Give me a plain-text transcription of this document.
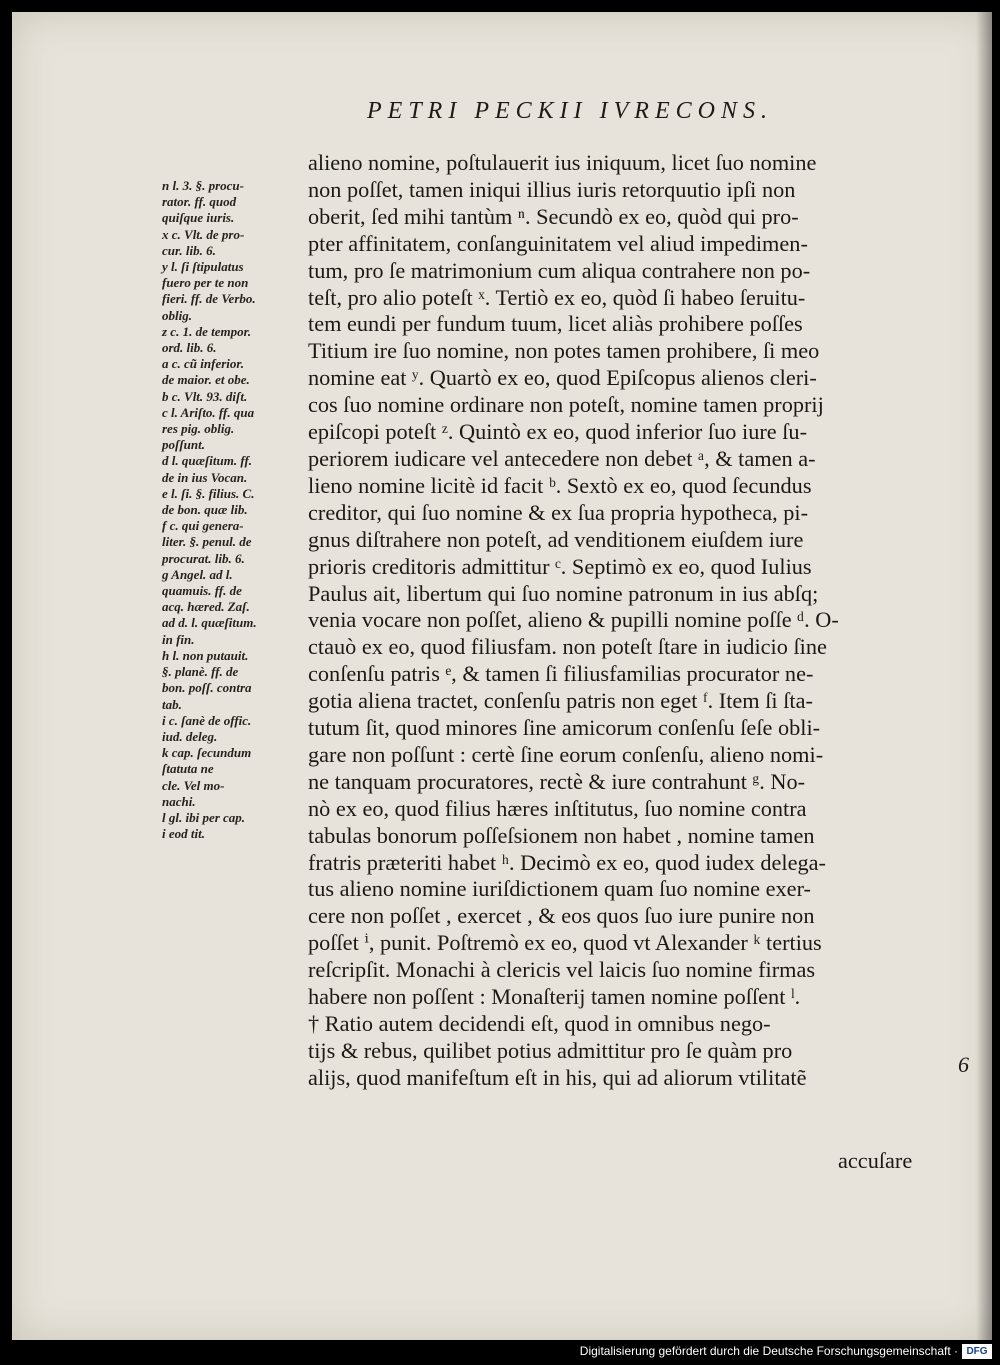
PETRI PECKII IVRECONS.
n l. 3. §. procu-
rator. ff. quod
quiſque iuris.
x c. Vlt. de pro-
cur. lib. 6.
y l. ſi ſtipulatus
fuero per te non
fieri. ff. de Verbo.
oblig.
z c. 1. de tempor.
ord. lib. 6.
a c. cũ inferior.
de maior. et obe.
b c. Vlt. 93. diſt.
c l. Ariſto. ff. qua
res pig. oblig.
poſſunt.
d l. quæſitum. ff.
de in ius Vocan.
e l. ſi. §. filius. C.
de bon. quæ lib.
f c. qui genera-
liter. §. penul. de
procurat. lib. 6.
g Angel. ad l.
quamuis. ff. de
acq. hæred. Zaſ.
ad d. l. quæſitum.
in fin.
h l. non putauit.
§. planè. ff. de
bon. poſſ. contra
tab.
i c. ſanè de offic.
iud. deleg.
k cap. ſecundum
ſtatuta ne
cle. Vel mo-
nachi.
l gl. ibi per cap.
i eod tit.
alieno nomine, poſtulauerit ius iniquum, licet ſuo nomine
non poſſet, tamen iniqui illius iuris retorquutio ipſi non
oberit, ſed mihi tantùm ⁿ. Secundò ex eo, quòd qui pro-
pter affinitatem, conſanguinitatem vel aliud impedimen-
tum, pro ſe matrimonium cum aliqua contrahere non po-
teſt, pro alio poteſt ˣ. Tertiò ex eo, quòd ſi habeo ſeruitu-
tem eundi per fundum tuum, licet aliàs prohibere poſſes
Titium ire ſuo nomine, non potes tamen prohibere, ſi meo
nomine eat ʸ. Quartò ex eo, quod Epiſcopus alienos cleri-
cos ſuo nomine ordinare non poteſt, nomine tamen proprij
epiſcopi poteſt ᶻ. Quintò ex eo, quod inferior ſuo iure ſu-
periorem iudicare vel antecedere non debet ᵃ, & tamen a-
lieno nomine licitè id facit ᵇ. Sextò ex eo, quod ſecundus
creditor, qui ſuo nomine & ex ſua propria hypotheca, pi-
gnus diſtrahere non poteſt, ad venditionem eiuſdem iure
prioris creditoris admittitur ᶜ. Septimò ex eo, quod Iulius
Paulus ait, libertum qui ſuo nomine patronum in ius abſq;
venia vocare non poſſet, alieno & pupilli nomine poſſe ᵈ. O-
ctauò ex eo, quod filiusfam. non poteſt ſtare in iudicio ſine
conſenſu patris ᵉ, & tamen ſi filiusfamilias procurator ne-
gotia aliena tractet, conſenſu patris non eget ᶠ. Item ſi ſta-
tutum ſit, quod minores ſine amicorum conſenſu ſeſe obli-
gare non poſſunt : certè ſine eorum conſenſu, alieno nomi-
ne tanquam procuratores, rectè & iure contrahunt ᵍ. No-
nò ex eo, quod filius hæres inſtitutus, ſuo nomine contra
tabulas bonorum poſſeſsionem non habet , nomine tamen
fratris præteriti habet ʰ. Decimò ex eo, quod iudex delega-
tus alieno nomine iuriſdictionem quam ſuo nomine exer-
cere non poſſet , exercet , & eos quos ſuo iure punire non
poſſet ⁱ, punit. Poſtremò ex eo, quod vt Alexander ᵏ tertius
reſcripſit. Monachi à clericis vel laicis ſuo nomine firmas
habere non poſſent : Monaſterij tamen nomine poſſent ˡ.
† Ratio autem decidendi eſt, quod in omnibus nego-
tijs & rebus, quilibet potius admittitur pro ſe quàm pro
alijs, quod manifeſtum eſt in his, qui ad aliorum vtilitatẽ
6
accuſare
Digitalisierung gefördert durch die Deutsche Forschungsgemeinschaft · DFG
